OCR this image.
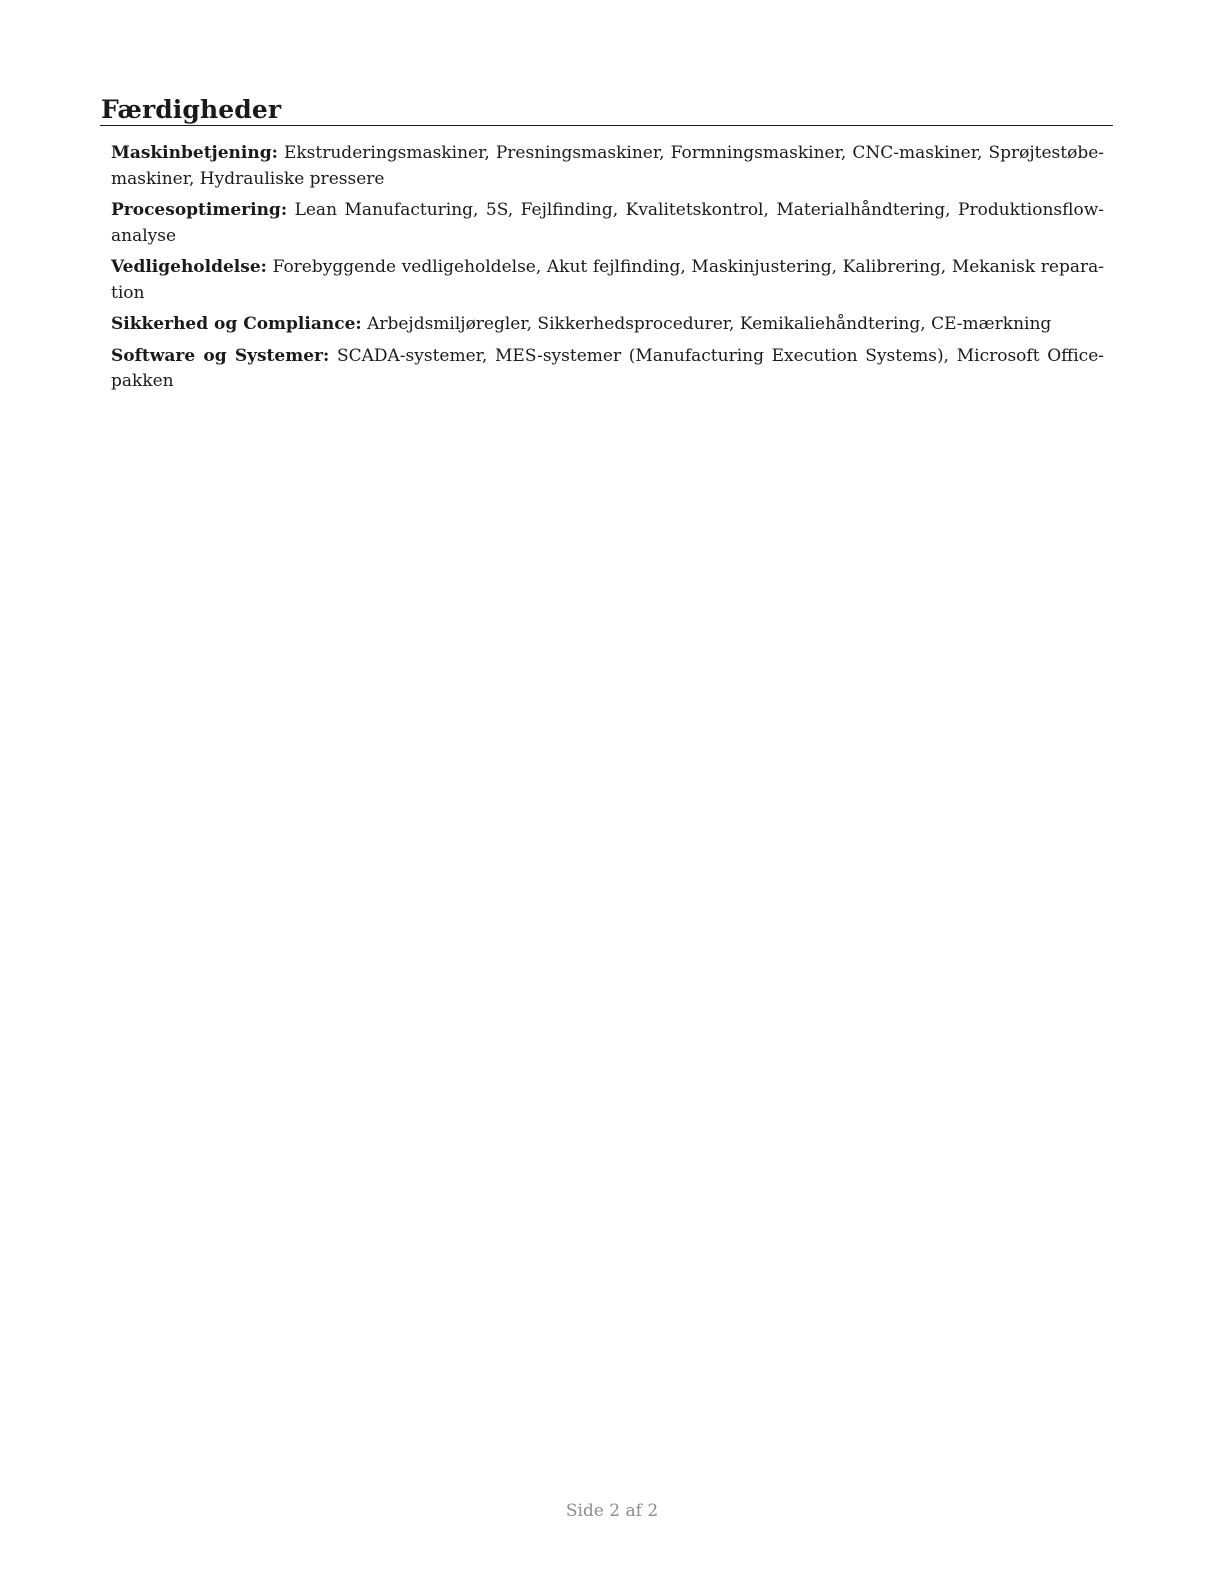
Færdigheder

Maskinbetjening: Ekstruderingsmaskiner, Presningsmaskiner, Formningsmaskiner, CNC-maskiner, Sprøjtestøbemaskiner, Hydrauliske pressere

Procesoptimering: Lean Manufacturing, 5S, Fejlfinding, Kvalitetskontrol, Materialhåndtering, Produktionsflowanalyse

Vedligeholdelse: Forebyggende vedligeholdelse, Akut fejlfinding, Maskinjustering, Kalibrering, Mekanisk reparation

Sikkerhed og Compliance: Arbejdsmiljøregler, Sikkerhedsprocedurer, Kemikaliehåndtering, CE-mærkning

Software og Systemer: SCADA-systemer, MES-systemer (Manufacturing Execution Systems), Microsoft Officepakken

Side 2 af 2
